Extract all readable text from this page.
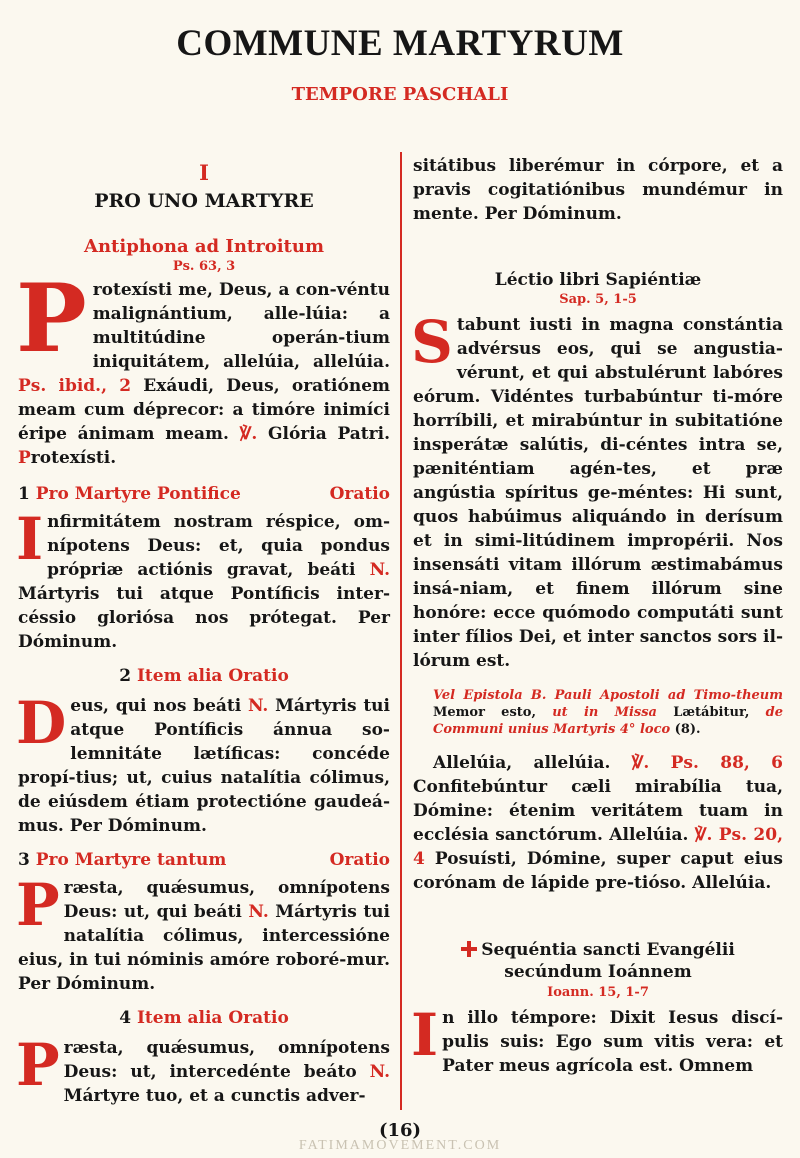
COMMUNE MARTYRUM
TEMPORE PASCHALI
I
PRO UNO MARTYRE
Antiphona ad Introitum
Ps. 63, 3

Protexísti me, Deus, a con-véntu malignántium, alle-lúia: a multitúdine operán-tium iniquitátem, allelúia, allelúia. Ps. ibid., 2 Exáudi, Deus, oratiónem meam cum déprecor: a timóre inimíci éripe ánimam meam. ℣. Glória Patri. Protexísti.

1 Pro Martyre Pontifice	Oratio

Infirmitátem nostram réspice, om-nípotens Deus: et, quia pondus própriæ actiónis gravat, beáti N. Mártyris tui atque Pontíficis inter-céssio gloriósa nos prótegat. Per Dóminum.

2 Item alia Oratio

Deus, qui nos beáti N. Mártyris tui atque Pontíficis ánnua so-lemnitáte lætíficas: concéde propí-tius; ut, cuius natalítia cólimus, de eiúsdem étiam protectióne gaudeá-mus. Per Dóminum.

3 Pro Martyre tantum	Oratio

Præsta, quǽsumus, omnípotens Deus: ut, qui beáti N. Mártyris tui natalítia cólimus, intercessióne eius, in tui nóminis amóre roboré-mur. Per Dóminum.

4 Item alia Oratio

Præsta, quǽsumus, omnípotens Deus: ut, intercedénte beáto N. Mártyre tuo, et a cunctis adver-

sitátibus liberémur in córpore, et a pravis cogitatiónibus mundémur in mente. Per Dóminum.

Léctio libri Sapiéntiæ
Sap. 5, 1-5

Stabunt iusti in magna constántia advérsus eos, qui se angustia-vérunt, et qui abstulérunt labóres eórum. Vidéntes turbabúntur ti-móre horríbili, et mirabúntur in subitatióne insperátæ salútis, di-céntes intra se, pæniténtiam agén-tes, et præ angústia spíritus ge-méntes: Hi sunt, quos habúimus aliquándo in derísum et in simi-litúdinem impropérii. Nos insensáti vitam illórum æstimabámus insá-niam, et finem illórum sine honóre: ecce quómodo computáti sunt inter fílios Dei, et inter sanctos sors il-lórum est.

Vel Epistola B. Pauli Apostoli ad Timo-theum Memor esto, ut in Missa Lætábitur, de Communi unius Martyris 4° loco (8).

Allelúia, allelúia. ℣. Ps. 88, 6 Confitebúntur cæli mirabília tua, Dómine: étenim veritátem tuam in ecclésia sanctórum. Allelúia. ℣. Ps. 20, 4 Posuísti, Dómine, super caput eius corónam de lápide pre-tióso. Allelúia.

Sequéntia sancti Evangélii
secúndum Ioánnem
Ioann. 15, 1-7

In illo témpore: Dixit Iesus discí-pulis suis: Ego sum vitis vera: et Pater meus agrícola est. Omnem

(16)
FATIMAMOVEMENT.COM
